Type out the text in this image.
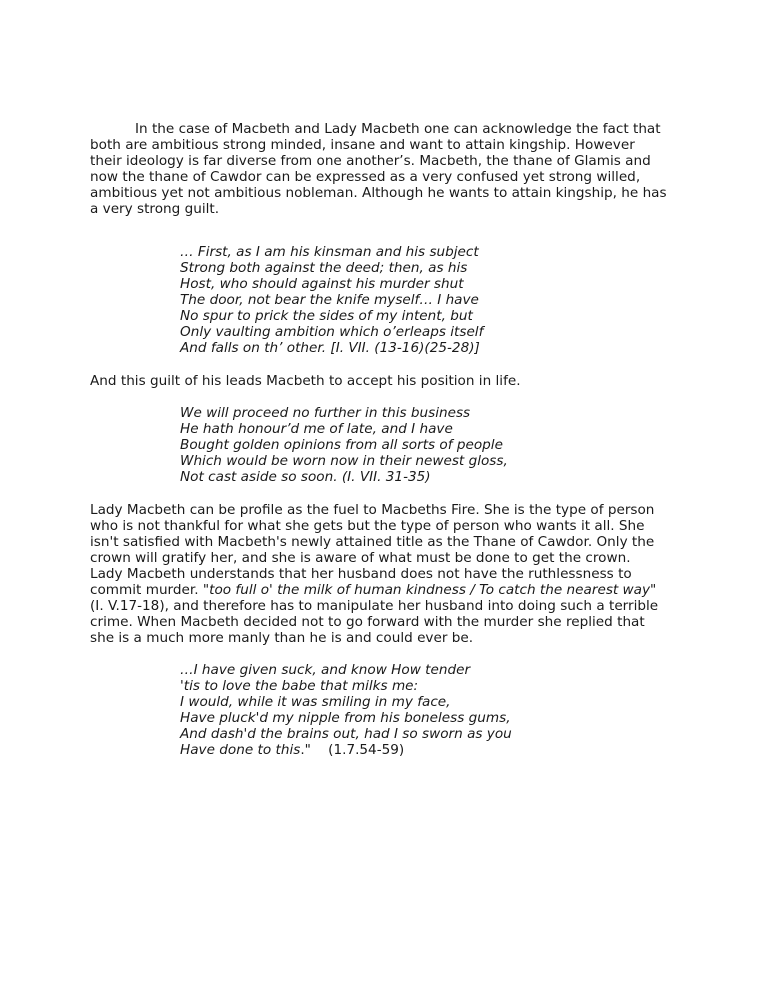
In the case of Macbeth and Lady Macbeth one can acknowledge the fact that
both are ambitious strong minded, insane and want to attain kingship. However
their ideology is far diverse from one another’s. Macbeth, the thane of Glamis and
now the thane of Cawdor can be expressed as a very confused yet strong willed,
ambitious yet not ambitious nobleman. Although he wants to attain kingship, he has
a very strong guilt.
… First, as I am his kinsman and his subject
Strong both against the deed; then, as his
Host, who should against his murder shut
The door, not bear the knife myself… I have
No spur to prick the sides of my intent, but
Only vaulting ambition which o’erleaps itself
And falls on th’ other. [I. VII. (13-16)(25-28)]
And this guilt of his leads Macbeth to accept his position in life.
We will proceed no further in this business
He hath honour’d me of late, and I have
Bought golden opinions from all sorts of people
Which would be worn now in their newest gloss,
Not cast aside so soon. (I. VII. 31-35)
Lady Macbeth can be profile as the fuel to Macbeths Fire. She is the type of person
who is not thankful for what she gets but the type of person who wants it all. She
isn't satisfied with Macbeth's newly attained title as the Thane of Cawdor. Only the
crown will gratify her, and she is aware of what must be done to get the crown.
Lady Macbeth understands that her husband does not have the ruthlessness to
commit murder. "too full o' the milk of human kindness / To catch the nearest way"
(I. V.17-18), and therefore has to manipulate her husband into doing such a terrible
crime. When Macbeth decided not to go forward with the murder she replied that
she is a much more manly than he is and could ever be.
…I have given suck, and know How tender
'tis to love the babe that milks me:
I would, while it was smiling in my face,
Have pluck'd my nipple from his boneless gums,
And dash'd the brains out, had I so sworn as you
Have done to this."    (1.7.54-59)
